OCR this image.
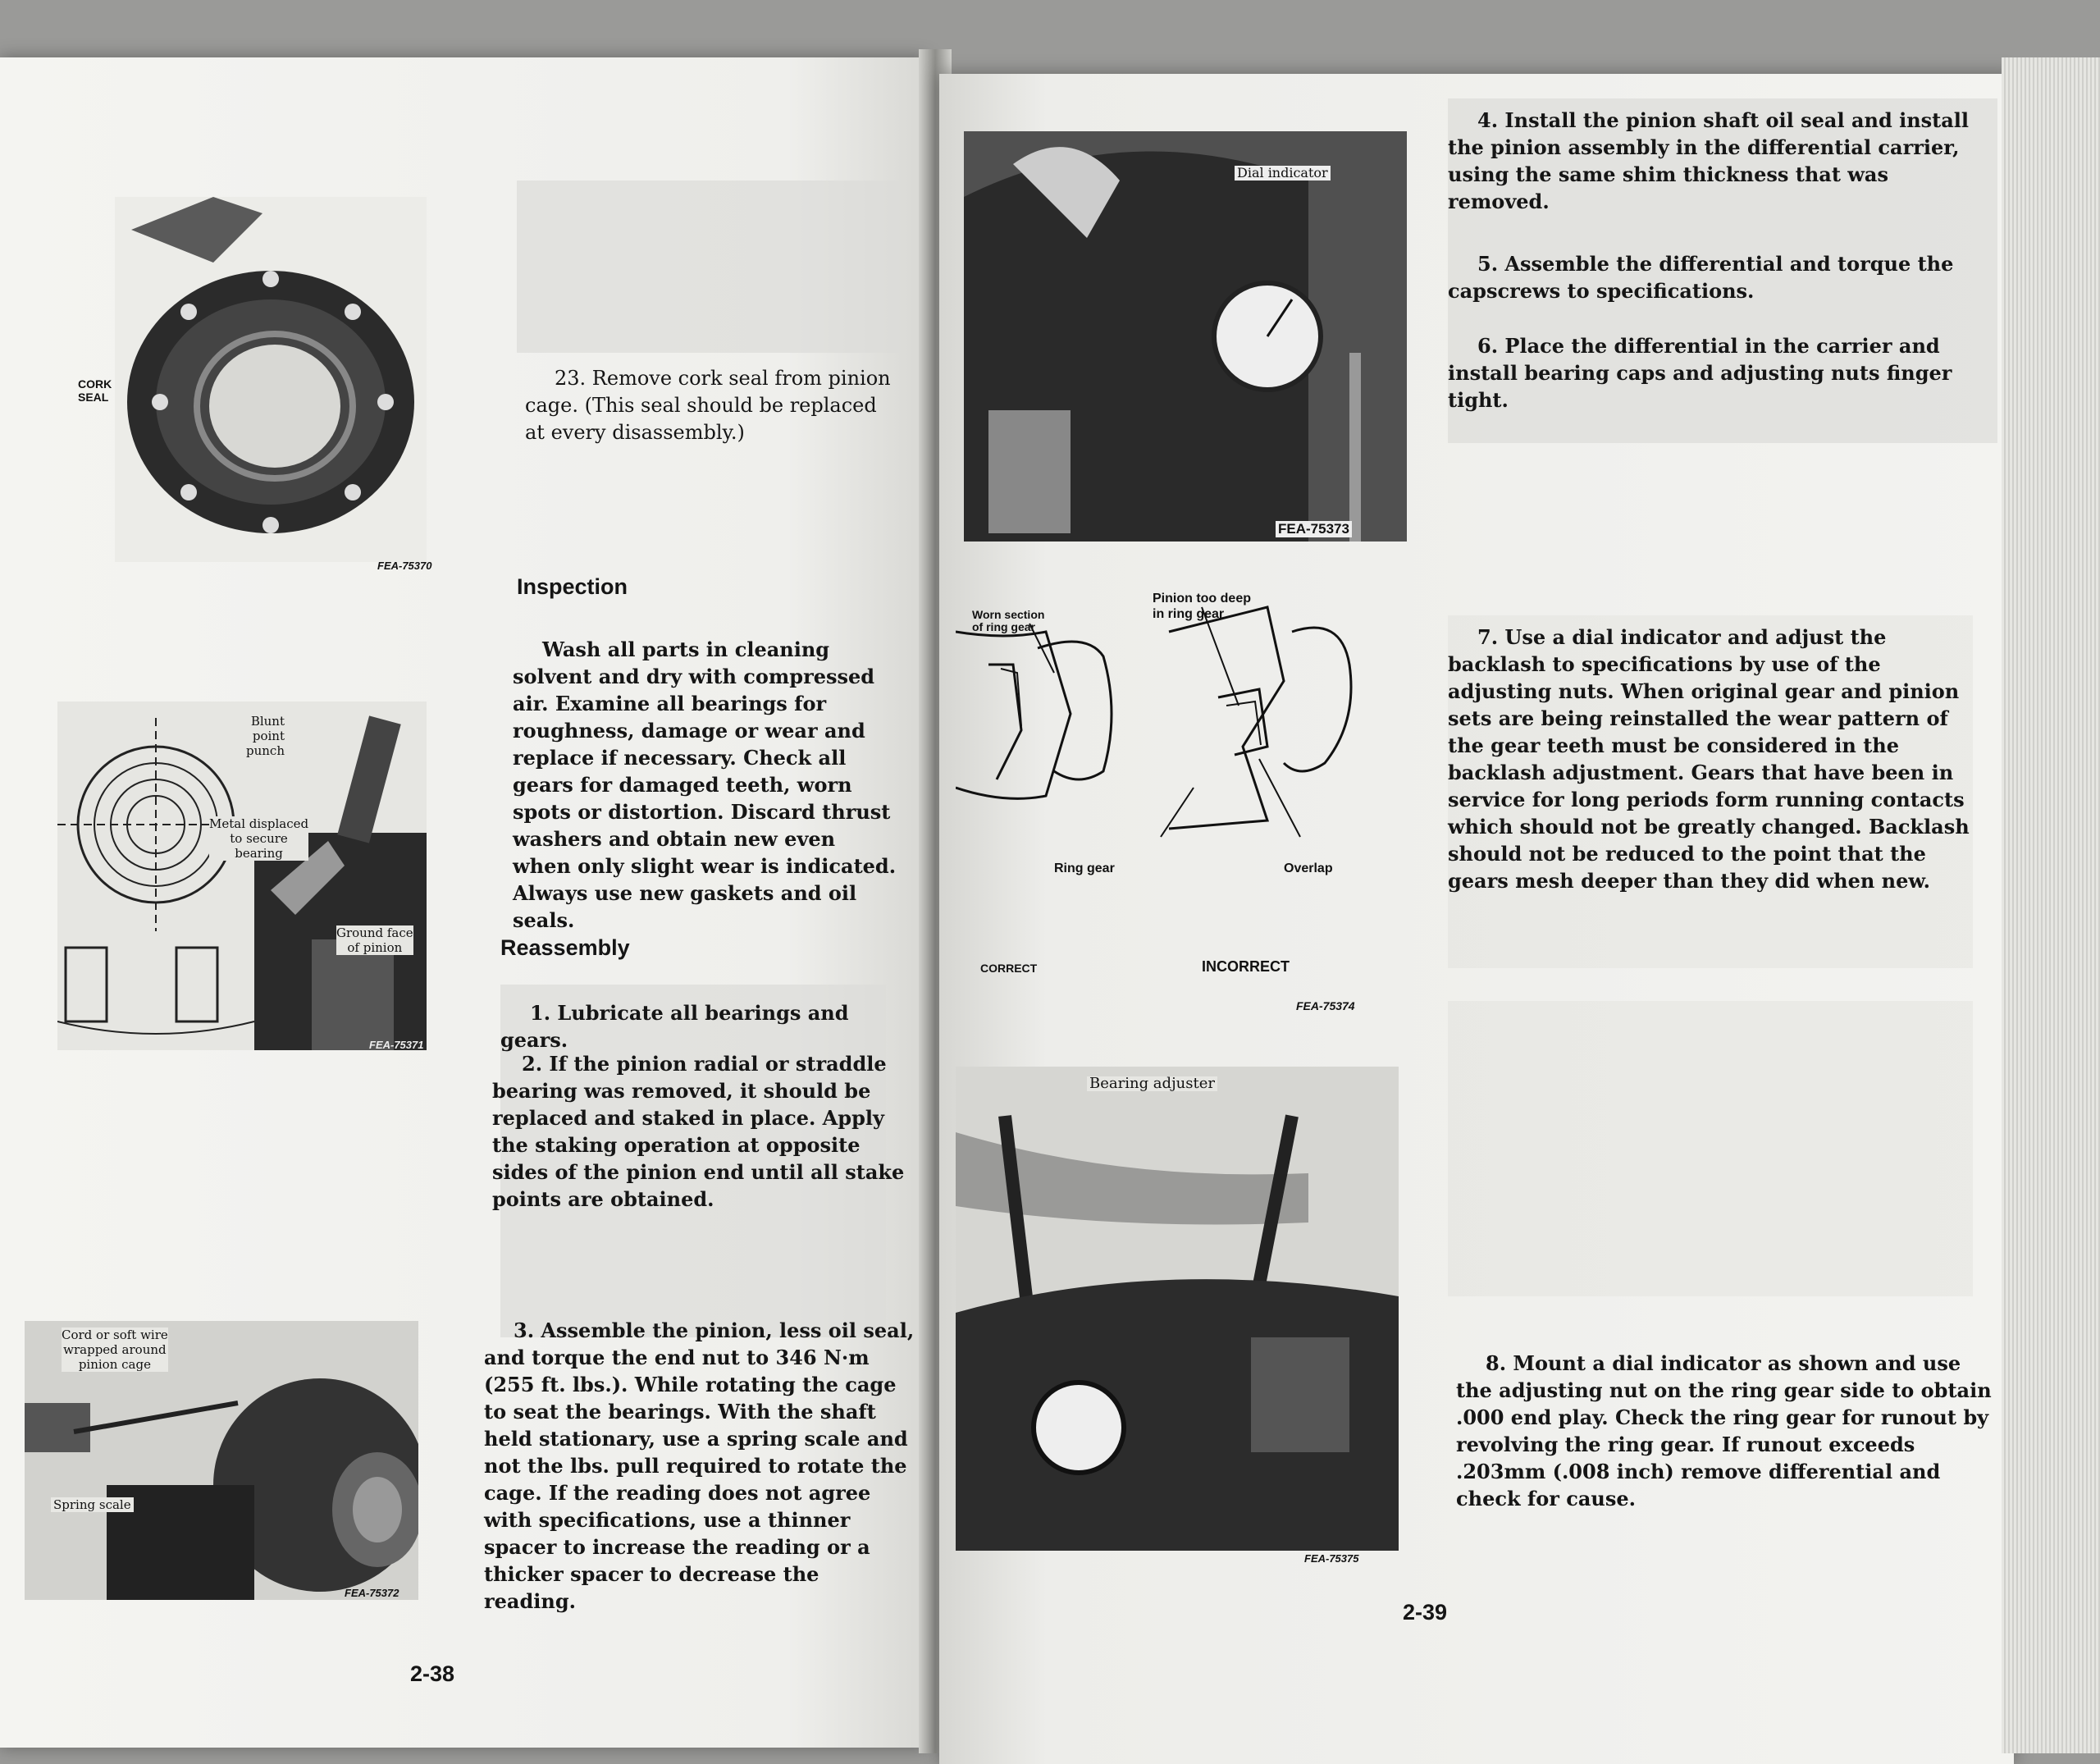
CORK
SEAL
FEA-75370

23. Remove cork seal from pinion cage. (This seal should be replaced at every disassembly.)

Inspection

Wash all parts in cleaning solvent and dry with compressed air. Examine all bearings for roughness, damage or wear and replace if necessary. Check all gears for damaged teeth, worn spots or distortion. Discard thrust washers and obtain new even when only slight wear is indicated. Always use new gaskets and oil seals.

Blunt
point
punch
Metal displaced
to secure
bearing
Ground face
of pinion
FEA-75371
Reassembly

1. Lubricate all bearings and gears.

2. If the pinion radial or straddle bearing was removed, it should be replaced and staked in place. Apply the staking operation at opposite sides of the pinion end until all stake points are obtained.

Cord or soft wire
wrapped around
pinion cage
Spring scale
FEA-75372

3. Assemble the pinion, less oil seal, and torque the end nut to 346 N·m (255 ft. lbs.). While rotating the cage to seat the bearings. With the shaft held stationary, use a spring scale and not the lbs. pull required to rotate the cage. If the reading does not agree with specifications, use a thinner spacer to increase the reading or a thicker spacer to decrease the reading.

2-38
Dial indicator
FEA-75373

4. Install the pinion shaft oil seal and install the pinion assembly in the differential carrier, using the same shim thickness that was removed.

5. Assemble the differential and torque the capscrews to specifications.

6. Place the differential in the carrier and install bearing caps and adjusting nuts finger tight.

Worn section
of ring gear
Pinion too deep
in ring gear
Ring gear	Overlap
CORRECT	INCORRECT
FEA-75374

7. Use a dial indicator and adjust the backlash to specifications by use of the adjusting nuts. When original gear and pinion sets are being reinstalled the wear pattern of the gear teeth must be considered in the backlash adjustment. Gears that have been in service for long periods form running contacts which should not be greatly changed. Backlash should not be reduced to the point that the gears mesh deeper than they did when new.

Bearing adjuster
FEA-75375

8. Mount a dial indicator as shown and use the adjusting nut on the ring gear side to obtain .000 end play. Check the ring gear for runout by revolving the ring gear. If runout exceeds .203mm (.008 inch) remove differential and check for cause.

2-39
